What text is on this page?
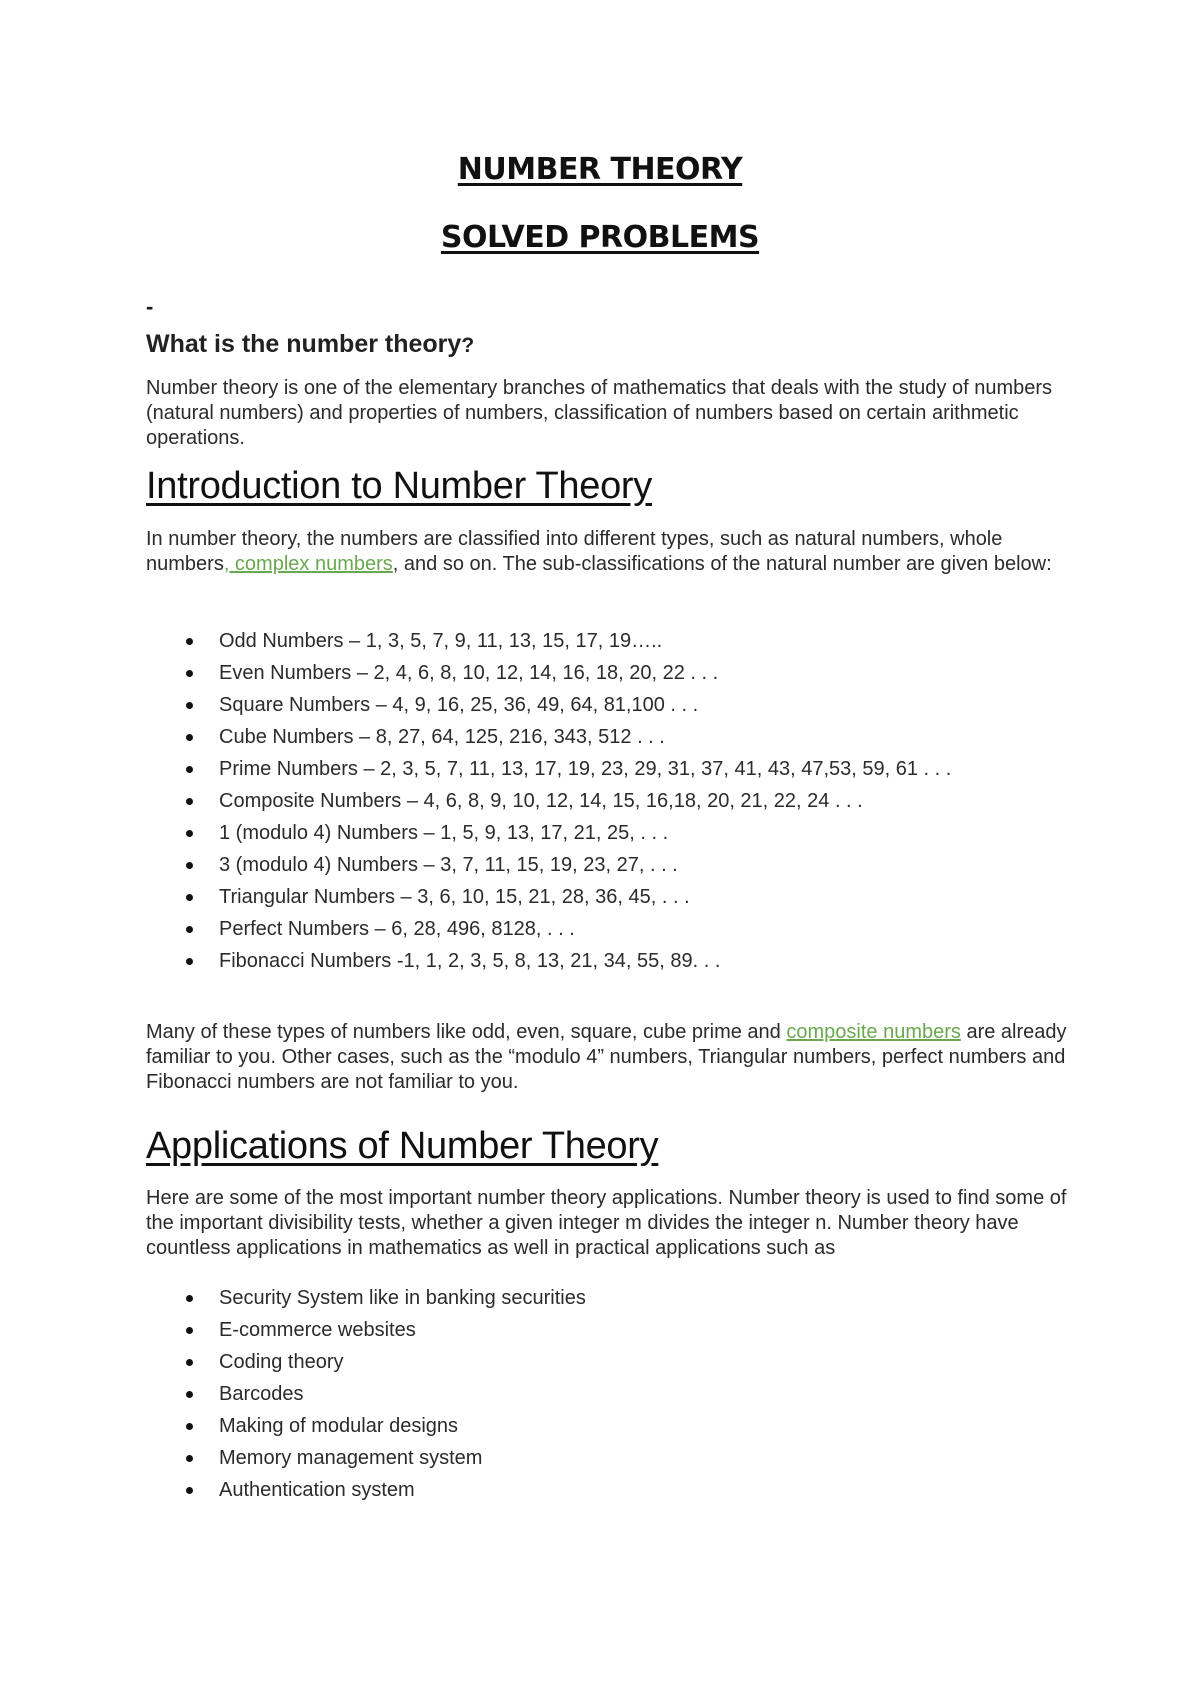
NUMBER THEORY
SOLVED PROBLEMS
-
What is the number theory?

Number theory is one of the elementary branches of mathematics that deals with the study of numbers (natural numbers) and properties of numbers, classification of numbers based on certain arithmetic operations.

Introduction to Number Theory

In number theory, the numbers are classified into different types, such as natural numbers, whole numbers, complex numbers, and so on. The sub-classifications of the natural number are given below:

Odd Numbers – 1, 3, 5, 7, 9, 11, 13, 15, 17, 19…..
Even Numbers – 2, 4, 6, 8, 10, 12, 14, 16, 18, 20, 22 . . .
Square Numbers – 4, 9, 16, 25, 36, 49, 64, 81,100 . . .
Cube Numbers – 8, 27, 64, 125, 216, 343, 512 . . .
Prime Numbers – 2, 3, 5, 7, 11, 13, 17, 19, 23, 29, 31, 37, 41, 43, 47,53, 59, 61 . . .
Composite Numbers – 4, 6, 8, 9, 10, 12, 14, 15, 16,18, 20, 21, 22, 24 . . .
1 (modulo 4) Numbers – 1, 5, 9, 13, 17, 21, 25, . . .
3 (modulo 4) Numbers – 3, 7, 11, 15, 19, 23, 27, . . .
Triangular Numbers – 3, 6, 10, 15, 21, 28, 36, 45, . . .
Perfect Numbers – 6, 28, 496, 8128, . . .
Fibonacci Numbers -1, 1, 2, 3, 5, 8, 13, 21, 34, 55, 89. . .

Many of these types of numbers like odd, even, square, cube prime and composite numbers are already familiar to you. Other cases, such as the “modulo 4” numbers, Triangular numbers, perfect numbers and Fibonacci numbers are not familiar to you.

Applications of Number Theory

Here are some of the most important number theory applications. Number theory is used to find some of the important divisibility tests, whether a given integer m divides the integer n. Number theory have countless applications in mathematics as well in practical applications such as

Security System like in banking securities
E-commerce websites
Coding theory
Barcodes
Making of modular designs
Memory management system
Authentication system
